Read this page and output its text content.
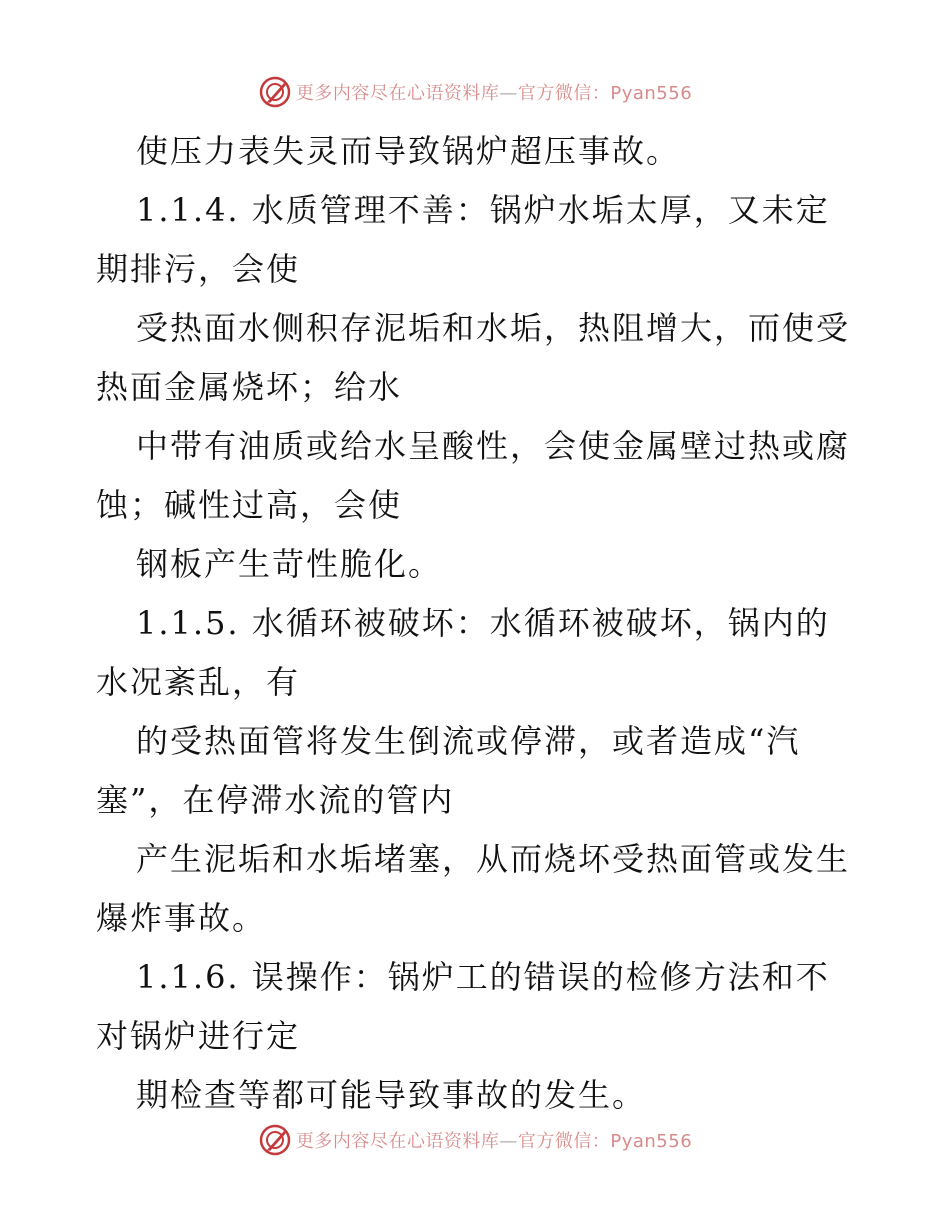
更多内容尽在心语资料库—官方微信：Pyan556
使压力表失灵而导致锅炉超压事故。
1.1.4. 水质管理不善：锅炉水垢太厚，又未定
期排污，会使
受热面水侧积存泥垢和水垢，热阻增大，而使受
热面金属烧坏；给水
中带有油质或给水呈酸性，会使金属壁过热或腐
蚀；碱性过高，会使
钢板产生苛性脆化。
1.1.5. 水循环被破坏：水循环被破坏，锅内的
水况紊乱，有
的受热面管将发生倒流或停滞，或者造成“汽
塞”，在停滞水流的管内
产生泥垢和水垢堵塞，从而烧坏受热面管或发生
爆炸事故。
1.1.6. 误操作：锅炉工的错误的检修方法和不
对锅炉进行定
期检查等都可能导致事故的发生。
更多内容尽在心语资料库—官方微信：Pyan556
